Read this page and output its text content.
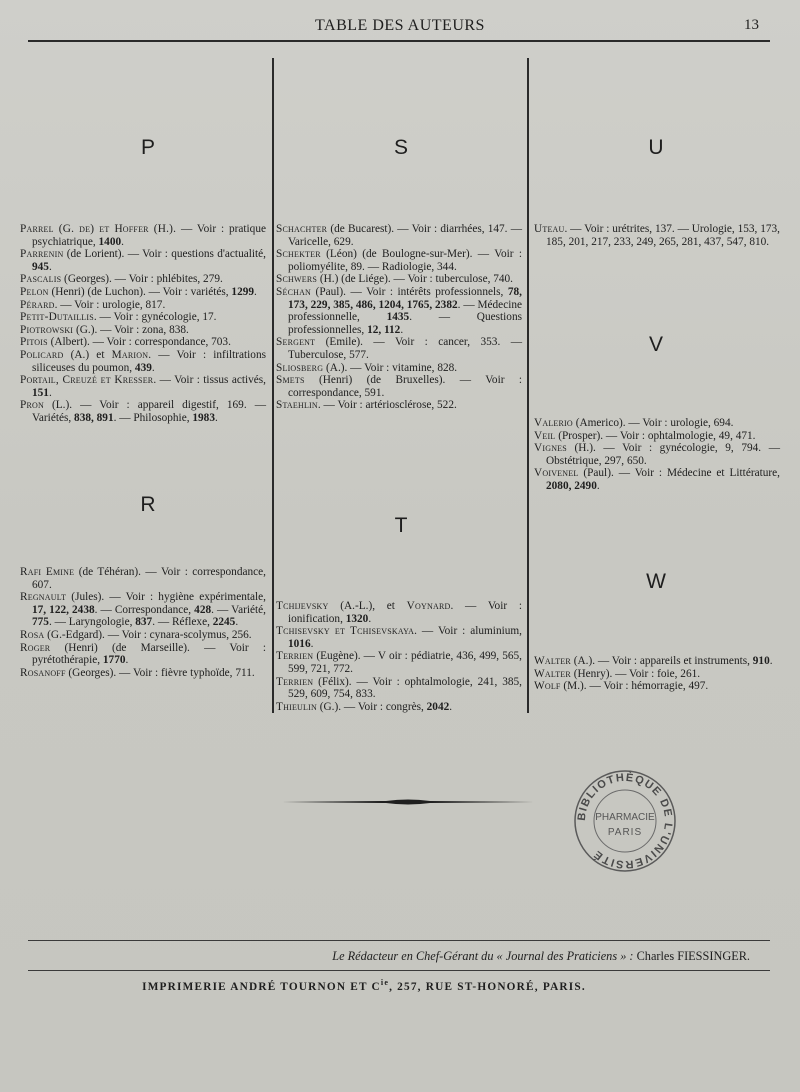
TABLE DES AUTEURS	13
P
R
S
T
U
V
W

Parrel (G. de) et Hoffer (H.). — Voir : pratique psychiatrique, 1400.

Parrenin (de Lorient). — Voir : questions d'actualité, 945.

Pascalis (Georges). — Voir : phlébites, 279.

Pelon (Henri) (de Luchon). — Voir : variétés, 1299.

Pérard. — Voir : urologie, 817.

Petit-Dutaillis. — Voir : gynécologie, 17.

Piotrowski (G.). — Voir : zona, 838.

Pitois (Albert). — Voir : correspondance, 703.

Policard (A.) et Marion. — Voir : infiltrations siliceuses du poumon, 439.

Portail, Creuzé et Kresser. — Voir : tissus activés, 151.

Pron (L.). — Voir : appareil digestif, 169. — Variétés, 838, 891. — Philosophie, 1983.

Rafi Emine (de Téhéran). — Voir : correspondance, 607.

Regnault (Jules). — Voir : hygiène expérimentale, 17, 122, 2438. — Correspondance, 428. — Variété, 775. — Laryngologie, 837. — Réflexe, 2245.

Rosa (G.-Edgard). — Voir : cynara-scolymus, 256.

Roger (Henri) (de Marseille). — Voir : pyrétothérapie, 1770.

Rosanoff (Georges). — Voir : fièvre typhoïde, 711.

Schachter (de Bucarest). — Voir : diarrhées, 147. — Varicelle, 629.

Schekter (Léon) (de Boulogne-sur-Mer). — Voir : poliomyélite, 89. — Radiologie, 344.

Schwers (H.) (de Liége). — Voir : tuberculose, 740.

Séchan (Paul). — Voir : intérêts professionnels, 78, 173, 229, 385, 486, 1204, 1765, 2382. — Médecine professionnelle, 1435. — Questions professionnelles, 12, 112.

Sergent (Emile). — Voir : cancer, 353. — Tuberculose, 577.

Sliosberg (A.). — Voir : vitamine, 828.

Smets (Henri) (de Bruxelles). — Voir : correspondance, 591.

Staehlin. — Voir : artériosclérose, 522.

Tchijevsky (A.-L.), et Voynard. — Voir : ionification, 1320.

Tchisevsky et Tchisevskaya. — Voir : aluminium, 1016.

Terrien (Eugène). — V oir : pédiatrie, 436, 499, 565, 599, 721, 772.

Terrien (Félix). — Voir : ophtalmologie, 241, 385, 529, 609, 754, 833.

Thieulin (G.). — Voir : congrès, 2042.

Uteau. — Voir : urétrites, 137. — Urologie, 153, 173, 185, 201, 217, 233, 249, 265, 281, 437, 547, 810.

Valerio (Americo). — Voir : urologie, 694.

Veil (Prosper). — Voir : ophtalmologie, 49, 471.

Vignes (H.). — Voir : gynécologie, 9, 794. — Obstétrique, 297, 650.

Voivenel (Paul). — Voir : Médecine et Littérature, 2080, 2490.

Walter (A.). — Voir : appareils et instruments, 910.

Walter (Henry). — Voir : foie, 261.

Wolf (M.). — Voir : hémorragie, 497.

BIBLIOTHÈQUE DE L'UNIVERSITÉ
PHARMACIE
PARIS
Le Rédacteur en Chef-Gérant du « Journal des Praticiens » : Charles FIESSINGER.
IMPRIMERIE ANDRÉ TOURNON ET $C^{ie}$, 257, RUE ST-HONORÉ, PARIS.
